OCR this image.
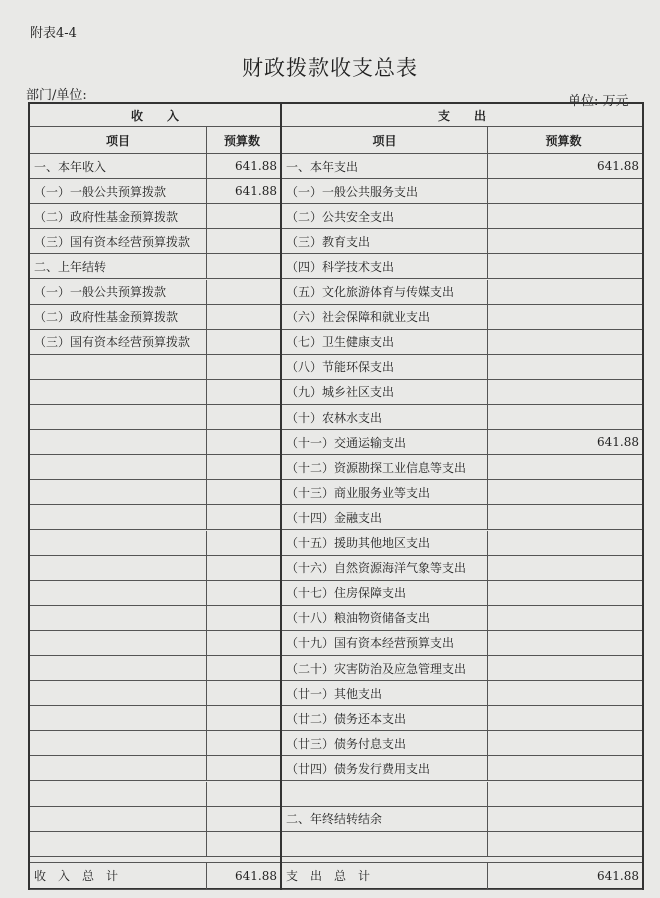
附表4-4
财政拨款收支总表
部门/单位:	单位: 万元
收　　入
项目	预算数
一、本年收入	641.88
（一）一般公共预算拨款	641.88
（二）政府性基金预算拨款
（三）国有资本经营预算拨款
二、上年结转
（一）一般公共预算拨款
（二）政府性基金预算拨款
（三）国有资本经营预算拨款
收　入　总　计	641.88
支　　出
项目	预算数
一、本年支出	641.88
（一）一般公共服务支出
（二）公共安全支出
（三）教育支出
（四）科学技术支出
（五）文化旅游体育与传媒支出
（六）社会保障和就业支出
（七）卫生健康支出
（八）节能环保支出
（九）城乡社区支出
（十）农林水支出
（十一）交通运输支出	641.88
（十二）资源勘探工业信息等支出
（十三）商业服务业等支出
（十四）金融支出
（十五）援助其他地区支出
（十六）自然资源海洋气象等支出
（十七）住房保障支出
（十八）粮油物资储备支出
（十九）国有资本经营预算支出
（二十）灾害防治及应急管理支出
（廿一）其他支出
（廿二）债务还本支出
（廿三）债务付息支出
（廿四）债务发行费用支出
二、年终结转结余
支　出　总　计	641.88
